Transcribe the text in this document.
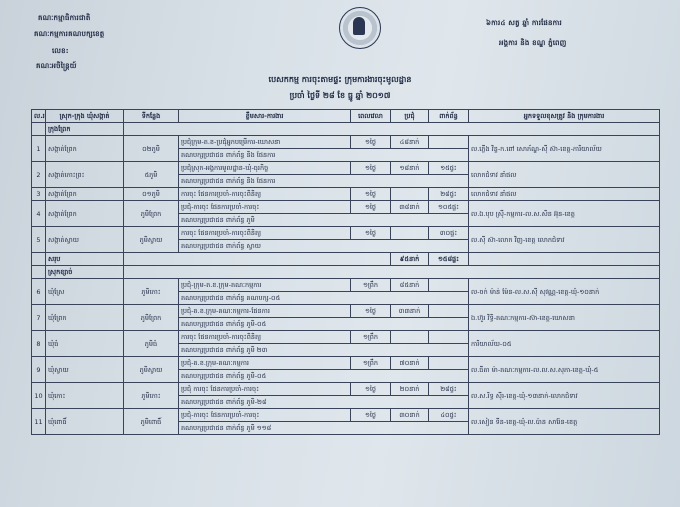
គណៈកម្មាធិការជាតិ
គណៈកម្មការគណបក្សខេត្ត
លេខ:
គណៈអចិន្ត្រៃយ៍
៦ការ៤ សត្វ ឆ្នាំ ការផែនការ
អង្គការ និង ខណ្ឌ ភ្នំពេញ
បេសកកម្ម ការចុះតាមផ្ទះ ក្រុមការងារចុះមូលដ្ឋាន
ប្រចាំ ថ្ងៃទី ២៨ ខែ ធ្នូ ឆ្នាំ ២០១៧
ល.រ	ស្រុក-ក្រុង ឃុំសង្កាត់	ទីកន្លែង	ខ្លឹមសារ-ការងារ	ពេលវេលា	ប្រជុំ	ពាក់ព័ន្ធ	អ្នកទទួលខុសត្រូវ និង ក្រុមការងារ
	ក្រុងព្រែក						
1	សង្កាត់ព្រែក	០២ភូមិ	ប្រជុំក្រុម-ត.ខ-ប្រជុំអ្នកបម្រើការ-ឃោសនា	១ថ្ងៃ	៤៨នាក់		ល.ភ្លើង វិន្ទ-ក.ពៅ សោភ័ណ្ឌ-ស៊ី ស៊ា-ខេត្ត-ការិយាល័យ
			គណបក្សប្រជាជន ពាក់ព័ន្ធ និង ផែនការ				
2	សង្កាត់កោះព្រះ	៥ភូមិ	ប្រជុំស្រុក-អង្គការមូលដ្ឋាន-ឃុំ-ធុរកិច្ច	១ថ្ងៃ	១៨នាក់	១៥ផ្ទះ	លោកជំទាវ នាំផល
			គណបក្សប្រជាជន ពាក់ព័ន្ធ និង ផែនការ				
3	សង្កាត់ព្រែក	០១ភូមិ	ការចុះ ផែនការប្រចាំ-ការចុះពិនិត្យ	១ថ្ងៃ		២៨ផ្ទះ	លោកជំទាវ នាំផល
4	សង្កាត់ព្រែក	ភូមិព្រែក	ប្រជុំ-ការចុះ ផែនការប្រចាំ-ការចុះ	១ថ្ងៃ	៣៨នាក់	១០៥ផ្ទះ	ល.ឯ.បុប ស្រ៊ី-កម្មការ-ល.ស.សិន អ៊ុន-ខេត្ត
			គណបក្សប្រជាជន ពាក់ព័ន្ធ ភូមិ				
5	សង្កាត់ស្វាយ	ភូមិស្វាយ	ការចុះ ផែនការប្រចាំ-ការចុះពិនិត្យ	១ថ្ងៃ		៣០ផ្ទះ	ល.ស៊ី ស៊ា-លោក វិញ-ខេត្ត លោកជំទាវ
			គណបក្សប្រជាជន ពាក់ព័ន្ធ ស្វាយ				
	សរុប				៩៥នាក់	១៥៨ផ្ទះ	
	ស្រុកខ្សាច់						
6	ឃុំស្រែ	ភូមិកោះ	ប្រជុំ-ក្រុម-ត.ខ.ក្រុម-គណៈកម្មការ	១ព្រឹក	៨៥នាក់		ល-ចក់ ម៉ាន់ ម៉ែន-ល.ស.ស៊ី សុវណ្ណ-ខេត្ត-ឃុំ-១០នាក់
			គណបក្សប្រជាជន ពាក់ព័ន្ធ គណបក្ស-០៥				
7	ឃុំព្រែក	ភូមិព្រែក	ប្រជុំ-ត.ខ.ក្រុម-គណៈកម្មការ-ផែនការ	១ថ្ងៃ	៣៣នាក់		ឯ.ហ៊ួរ វិទ្ធិ-គណៈកម្មការ-ស៊ា-ខេត្ត-ឃោសនា
			គណបក្សប្រជាជន ពាក់ព័ន្ធ ភូមិ-០៥				
8	ឃុំធំ	ភូមិធំ	ការចុះ ផែនការប្រចាំ-ការចុះពិនិត្យ	១ព្រឹក			ការិយាល័យ-០៥
			គណបក្សប្រជាជន ពាក់ព័ន្ធ ភូមិ ២៣				
9	ឃុំស្វាយ	ភូមិស្វាយ	ប្រជុំ-ត.ខ.ក្រុម-គណៈកម្មការ	១ព្រឹក	៧០នាក់		ល.ធីតា ម៉ា-គណៈកម្មការ-ល.ល.ស.សុភា-ខេត្ត-ឃុំ-៥
			គណបក្សប្រជាជន ពាក់ព័ន្ធ ភូមិ-០៥				
10	ឃុំកោះ	ភូមិកោះ	ប្រជុំ ការចុះ ផែនការប្រចាំ-ការចុះ	១ថ្ងៃ	២០នាក់	២៨ផ្ទះ	ល.ស.រិទ្ធ ស៊ីរ-ខេត្ត-ឃុំ-១៣នាក់-លោកជំទាវ
			គណបក្សប្រជាជន ពាក់ព័ន្ធ ភូមិ-២៨				
11	ឃុំពោធិ៍	ភូមិពោធិ៍	ប្រជុំ-ការចុះ ផែនការប្រចាំ-ការចុះ	១ថ្ងៃ	៣០នាក់	៤០ផ្ទះ	ល.សៀន ទីន-ខេត្ត-ឃុំ-ល.ប៉ាន សារ៉ែន-ខេត្ត
			គណបក្សប្រជាជន ពាក់ព័ន្ធ ភូមិ ១១៨				
